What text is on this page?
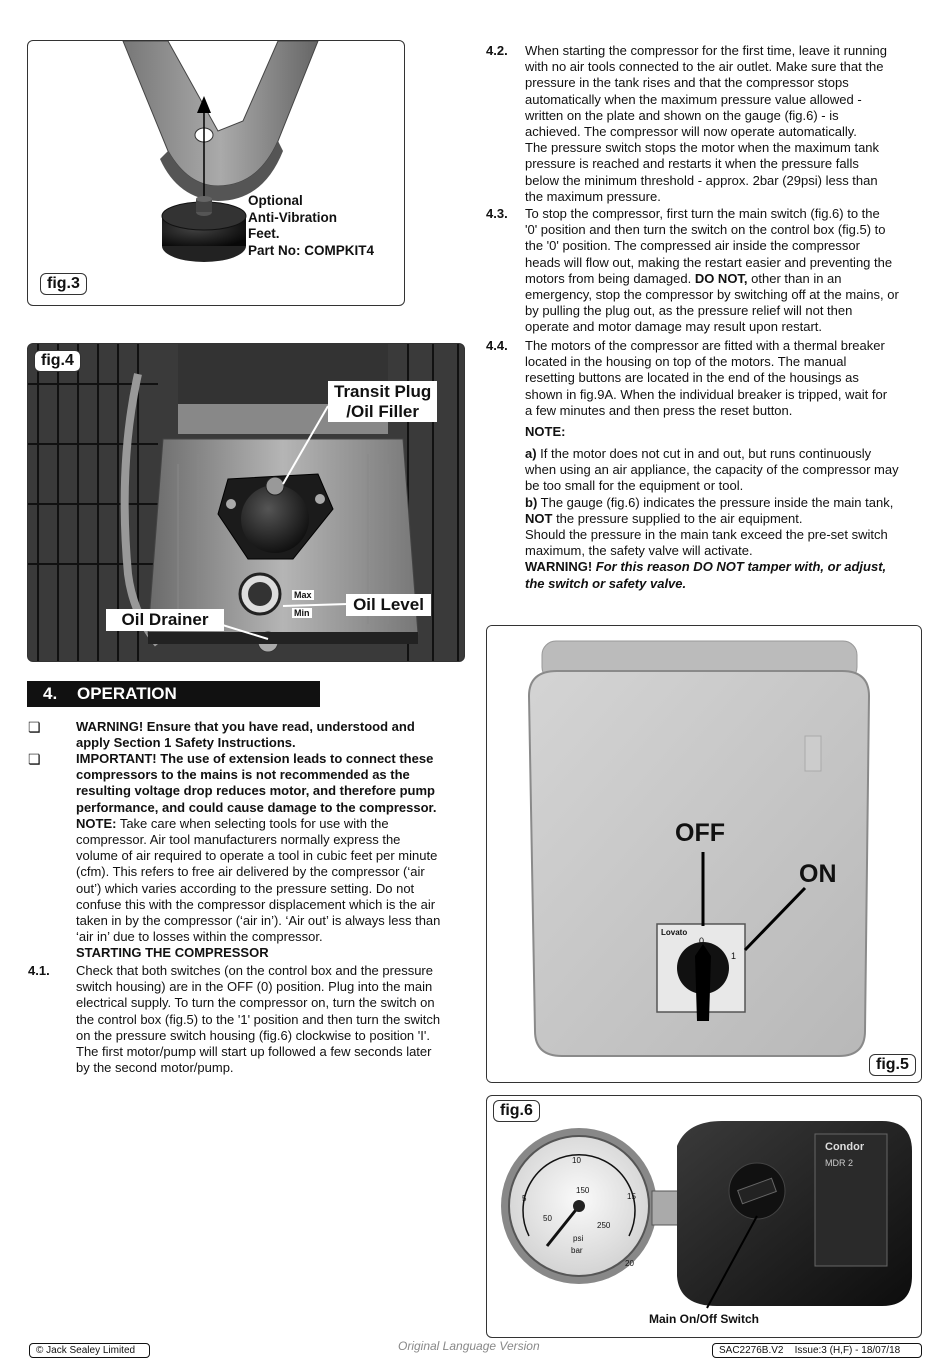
Optional
Anti-Vibration
Feet.
Part No: COMPKIT4
fig.3
Transit Plug
/Oil Filler
Oil Drainer
Oil Level
Max
Min
fig.4
4. OPERATION
❏	WARNING! Ensure that you have read, understood and
apply Section 1 Safety Instructions.
❏	IMPORTANT! The use of extension leads to connect these
compressors to the mains is not recommended as the
resulting voltage drop reduces motor, and therefore pump
performance, and could cause damage to the compressor.
NOTE: Take care when selecting tools for use with the
compressor. Air tool manufacturers normally express the
volume of air required to operate a tool in cubic feet per minute
(cfm). This refers to free air delivered by the compressor (‘air
out’) which varies according to the pressure setting. Do not
confuse this with the compressor displacement which is the air
taken in by the compressor (‘air in’). ‘Air out’ is always less than
‘air in’ due to losses within the compressor.
STARTING THE COMPRESSOR
4.1. Check that both switches (on the control box and the pressure
switch housing) are in the OFF (0) position. Plug into the main
electrical supply. To turn the compressor on, turn the switch on
the control box (fig.5) to the '1' position and then turn the switch
on the pressure switch housing (fig.6) clockwise to position 'I'.
The first motor/pump will start up followed a few seconds later
by the second motor/pump.
4.2. When starting the compressor for the first time, leave it running
with no air tools connected to the air outlet. Make sure that the
pressure in the tank rises and that the compressor stops
automatically when the maximum pressure value allowed -
written on the plate and shown on the gauge (fig.6) - is
achieved. The compressor will now operate automatically.
The pressure switch stops the motor when the maximum tank
pressure is reached and restarts it when the pressure falls
below the minimum threshold - approx. 2bar (29psi) less than
the maximum pressure.
4.3. To stop the compressor, first turn the main switch (fig.6) to the
'0' position and then turn the switch on the control box (fig.5) to
the '0' position. The compressed air inside the compressor
heads will flow out, making the restart easier and preventing the
motors from being damaged. DO NOT, other than in an
emergency, stop the compressor by switching off at the mains, or
by pulling the plug out, as the pressure relief will not then
operate and motor damage may result upon restart.
4.4. The motors of the compressor are fitted with a thermal breaker
located in the housing on top of the motors. The manual
resetting buttons are located in the end of the housings as
shown in fig.9A. When the individual breaker is tripped, wait for
a few minutes and then press the reset button.
NOTE:
a) If the motor does not cut in and out, but runs continuously
when using an air appliance, the capacity of the compressor may
be too small for the equipment or tool.
b) The gauge (fig.6) indicates the pressure inside the main tank,
NOT the pressure supplied to the air equipment.
Should the pressure in the main tank exceed the pre-set switch
maximum, the safety valve will activate.
WARNING! For this reason DO NOT tamper with, or adjust,
the switch or safety valve.
OFF
ON
Lovato
0
1
fig.5
5
10
15
20
50
150
250
psi
bar
Condor
MDR 2
Main On/Off Switch
fig.6
© Jack Sealey Limited	Original Language Version	SAC2276B.V2    Issue:3 (H,F) - 18/07/18
